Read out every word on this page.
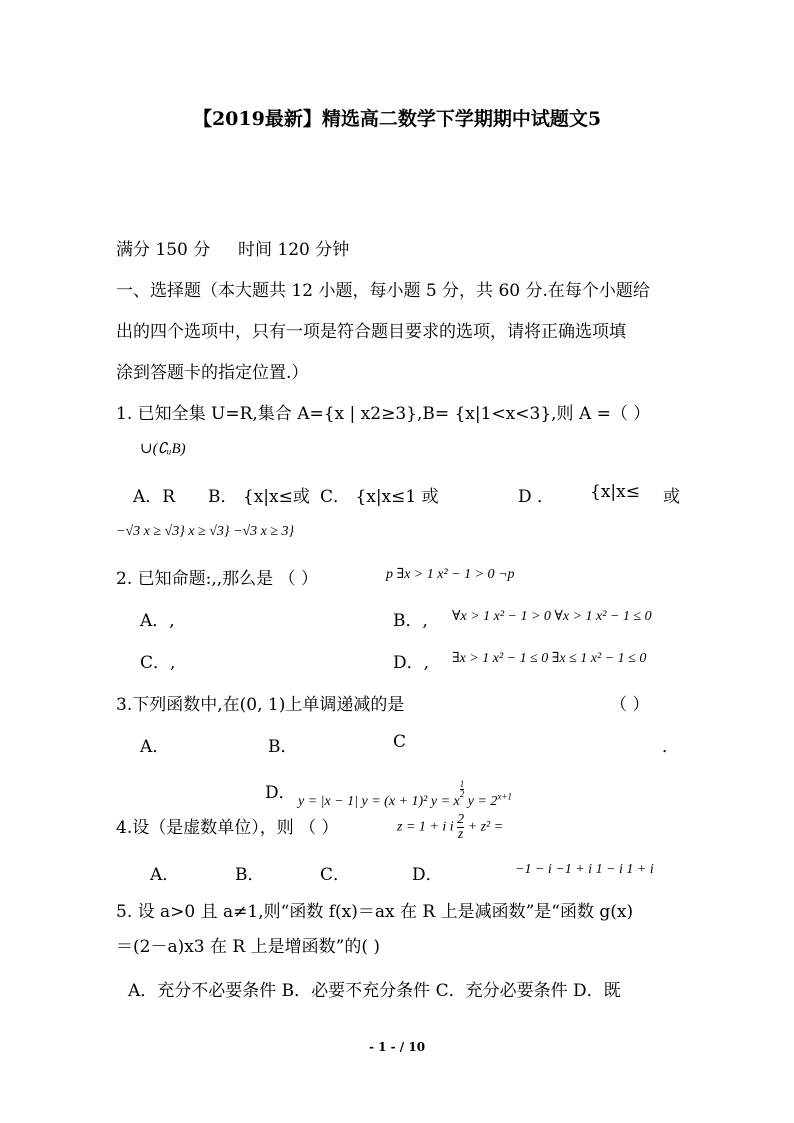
【2019最新】精选高二数学下学期期中试题文5
满分 150 分 时间 120 分钟
一、选择题（本大题共 12 小题，每小题 5 分，共 60 分.在每个小题给
出的四个选项中，只有一项是符合题目要求的选项，请将正确选项填
涂到答题卡的指定位置.）
1. 已知全集 U=R,集合 A={x | x2≥3},B= {x|1<x<3},则 A =（ ）
∪(∁ᵤB)
A．R B． {x|x≤或 C． {x|x≤1 或	D ． {x|x≤ 或
−√3 x ≥ √3} x ≥ √3} −√3 x ≥ 3}
2. 已知命题:,,那么是 （ ）	p ∃x > 1 x² − 1 > 0 ¬p
A．,	B．, ∀x > 1 x² − 1 > 0 ∀x > 1 x² − 1 ≤ 0
C．,	D．, ∃x > 1 x² − 1 ≤ 0 ∃x ≤ 1 x² − 1 ≤ 0
3.下列函数中,在(0, 1)上单调递减的是	（ ）
A．	B．	C	．
D． y = |x − 1| y = (x + 1)² y = x
$\frac{1}{2}$
$y = 2^{x+1}$
4.设（是虚数单位），则 （ ）	z = 1 + i i $\frac{2}{z} + z^2$ =
A．	B．	C．	D．	−1 − i −1 + i 1 − i 1 + i
5. 设 a>0 且 a≠1,则“函数 f(x)＝ax 在 R 上是减函数”是“函数 g(x)
＝(2－a)x3 在 R 上是增函数”的( )
A．充分不必要条件 B．必要不充分条件 C．充分必要条件 D．既
- 1 - / 10
